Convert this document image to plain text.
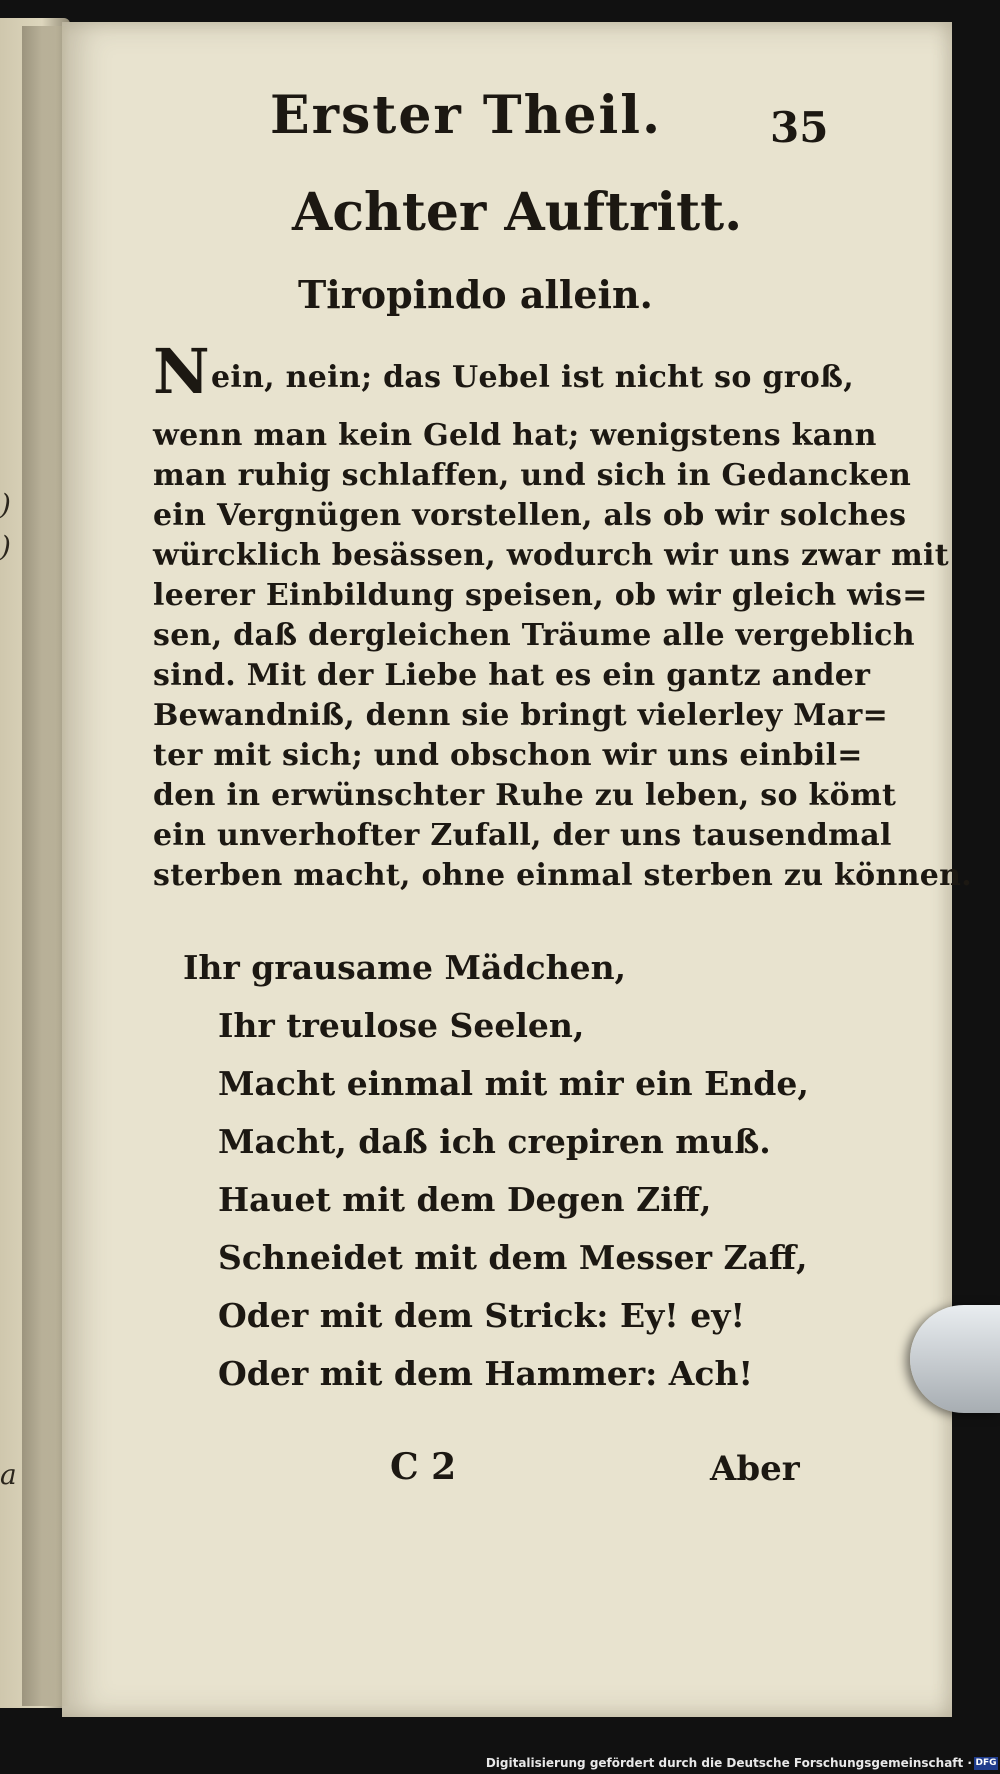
)
)
a
Erster Theil.	35
Achter Auftritt.
Tiropindo allein.
Nein, nein; das Uebel ist nicht so groß,
wenn man kein Geld hat; wenigstens kann
man ruhig schlaffen, und sich in Gedancken
ein Vergnügen vorstellen, als ob wir solches
würcklich besässen, wodurch wir uns zwar mit
leerer Einbildung speisen, ob wir gleich wis=
sen, daß dergleichen Träume alle vergeblich
sind. Mit der Liebe hat es ein gantz ander
Bewandniß, denn sie bringt vielerley Mar=
ter mit sich; und obschon wir uns einbil=
den in erwünschter Ruhe zu leben, so kömt
ein unverhofter Zufall, der uns tausendmal
sterben macht, ohne einmal sterben zu können.
Ihr grausame Mädchen,
Ihr treulose Seelen,
Macht einmal mit mir ein Ende,
Macht, daß ich crepiren muß.
Hauet mit dem Degen Ziff,
Schneidet mit dem Messer Zaff,
Oder mit dem Strick: Ey! ey!
Oder mit dem Hammer: Ach!
C 2	Aber
Digitalisierung gefördert durch die Deutsche Forschungsgemeinschaft · DFG
